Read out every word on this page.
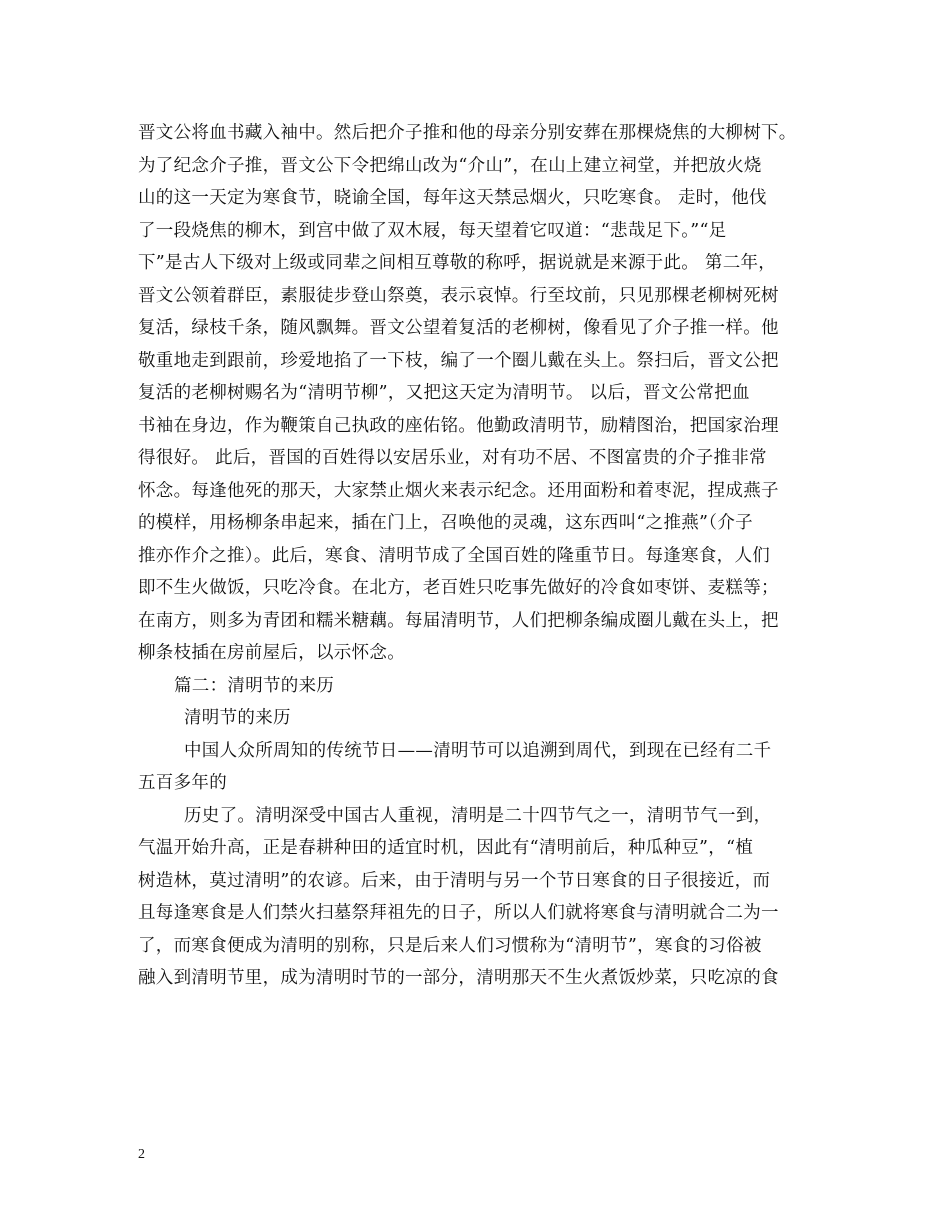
晋文公将血书藏入袖中。然后把介子推和他的母亲分别安葬在那棵烧焦的大柳树下。
为了纪念介子推，晋文公下令把绵山改为“介山”，在山上建立祠堂，并把放火烧
山的这一天定为寒食节，晓谕全国，每年这天禁忌烟火，只吃寒食。 走时，他伐
了一段烧焦的柳木，到宫中做了双木屐，每天望着它叹道：“悲哉足下。”“足
下”是古人下级对上级或同辈之间相互尊敬的称呼，据说就是来源于此。 第二年，
晋文公领着群臣，素服徒步登山祭奠，表示哀悼。行至坟前，只见那棵老柳树死树
复活，绿枝千条，随风飘舞。晋文公望着复活的老柳树，像看见了介子推一样。他
敬重地走到跟前，珍爱地掐了一下枝，编了一个圈儿戴在头上。祭扫后，晋文公把
复活的老柳树赐名为“清明节柳”，又把这天定为清明节。 以后，晋文公常把血
书袖在身边，作为鞭策自己执政的座佑铭。他勤政清明节，励精图治，把国家治理
得很好。 此后，晋国的百姓得以安居乐业，对有功不居、不图富贵的介子推非常
怀念。每逢他死的那天，大家禁止烟火来表示纪念。还用面粉和着枣泥，捏成燕子
的模样，用杨柳条串起来，插在门上，召唤他的灵魂，这东西叫“之推燕”（介子
推亦作介之推）。此后，寒食、清明节成了全国百姓的隆重节日。每逢寒食，人们
即不生火做饭，只吃冷食。在北方，老百姓只吃事先做好的冷食如枣饼、麦糕等；
在南方，则多为青团和糯米糖藕。每届清明节，人们把柳条编成圈儿戴在头上，把
柳条枝插在房前屋后，以示怀念。
篇二：清明节的来历
清明节的来历
中国人众所周知的传统节日——清明节可以追溯到周代，到现在已经有二千
五百多年的
历史了。清明深受中国古人重视，清明是二十四节气之一，清明节气一到，
气温开始升高，正是春耕种田的适宜时机，因此有“清明前后，种瓜种豆”，“植
树造林，莫过清明”的农谚。后来，由于清明与另一个节日寒食的日子很接近，而
且每逢寒食是人们禁火扫墓祭拜祖先的日子，所以人们就将寒食与清明就合二为一
了，而寒食便成为清明的别称，只是后来人们习惯称为“清明节”，寒食的习俗被
融入到清明节里，成为清明时节的一部分，清明那天不生火煮饭炒菜，只吃凉的食
2
